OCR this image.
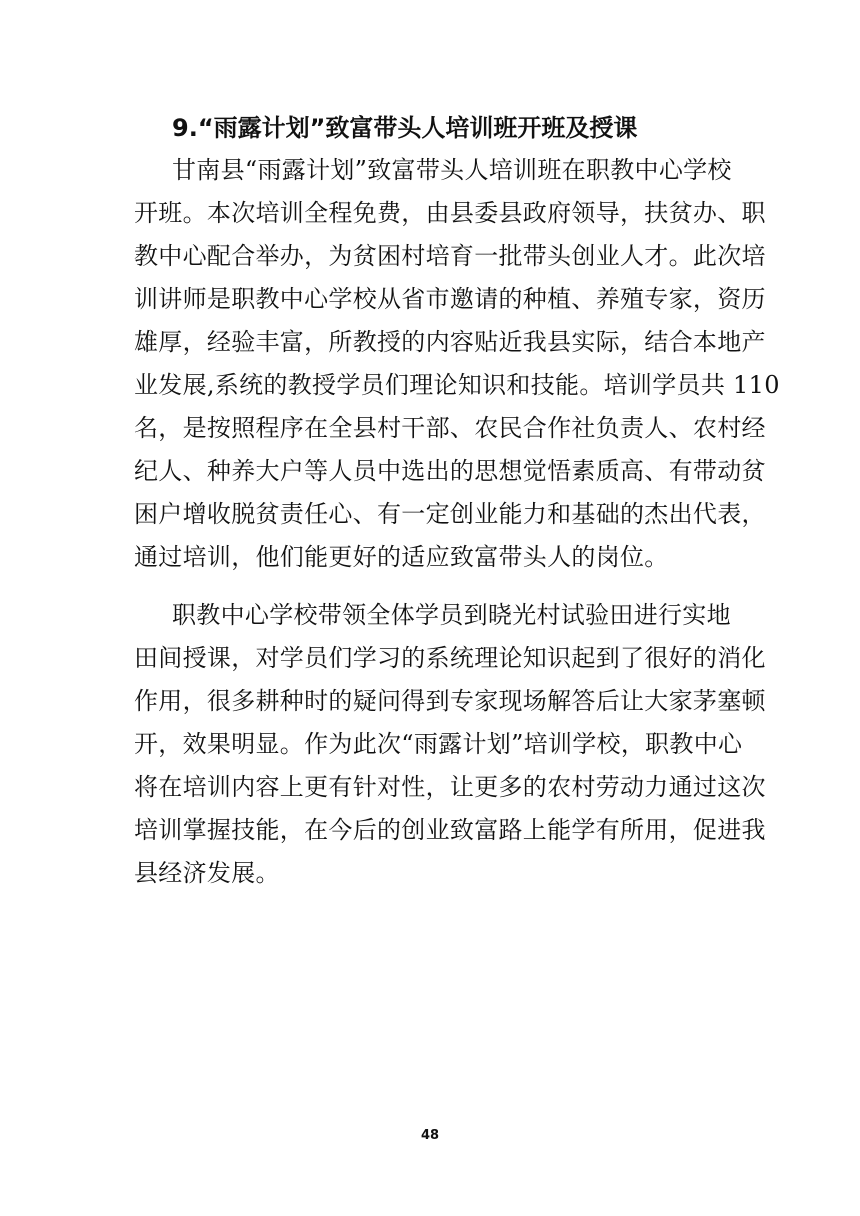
9.“雨露计划”致富带头人培训班开班及授课
甘南县“雨露计划”致富带头人培训班在职教中心学校
开班。本次培训全程免费，由县委县政府领导，扶贫办、职
教中心配合举办，为贫困村培育一批带头创业人才。此次培
训讲师是职教中心学校从省市邀请的种植、养殖专家，资历
雄厚，经验丰富，所教授的内容贴近我县实际，结合本地产
业发展,系统的教授学员们理论知识和技能。培训学员共 110
名，是按照程序在全县村干部、农民合作社负责人、农村经
纪人、种养大户等人员中选出的思想觉悟素质高、有带动贫
困户增收脱贫责任心、有一定创业能力和基础的杰出代表，
通过培训，他们能更好的适应致富带头人的岗位。
职教中心学校带领全体学员到晓光村试验田进行实地
田间授课，对学员们学习的系统理论知识起到了很好的消化
作用，很多耕种时的疑问得到专家现场解答后让大家茅塞顿
开，效果明显。作为此次“雨露计划”培训学校，职教中心
将在培训内容上更有针对性，让更多的农村劳动力通过这次
培训掌握技能，在今后的创业致富路上能学有所用，促进我
县经济发展。
48
